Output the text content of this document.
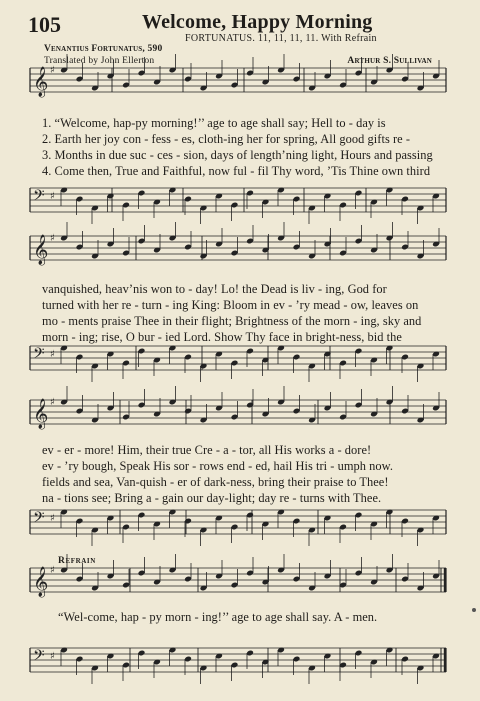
105	Welcome, Happy Morning
FORTUNATUS. 11, 11, 11, 11. With Refrain
Venantius Fortunatus, 590
Translated by John Ellerton	Arthur S. Sullivan
𝄞 ♯
𝄢 ♯
𝄞 ♯
𝄢 ♯
𝄞 ♯
𝄢 ♯
𝄞 ♯
𝄢 ♯
1. “Welcome, hap-py morning!’’ age to age shall say; Hell to - day is
2. Earth her joy con - fess - es, cloth-ing her for spring, All good gifts re -
3. Months in due suc - ces - sion, days of length’ning light, Hours and passing
4. Come then, True and Faithful, now ful - fil Thy word, ’Tis Thine own third
vanquished, heav’nis won to - day! Lo! the Dead is liv - ing, God for
turned with her re - turn - ing King: Bloom in ev - ’ry mead - ow, leaves on
mo - ments praise Thee in their flight; Brightness of the morn - ing, sky and
morn - ing; rise, O bur - ied Lord. Show Thy face in bright-ness, bid the
ev - er - more! Him, their true Cre - a - tor, all His works a - dore!
ev - ’ry bough, Speak His sor - rows end - ed, hail His tri - umph now.
fields and sea, Van-quish - er of dark-ness, bring their praise to Thee!
na - tions see; Bring a - gain our day-light; day re - turns with Thee.
Refrain
“Wel-come, hap - py morn - ing!’’ age to age shall say. A - men.
